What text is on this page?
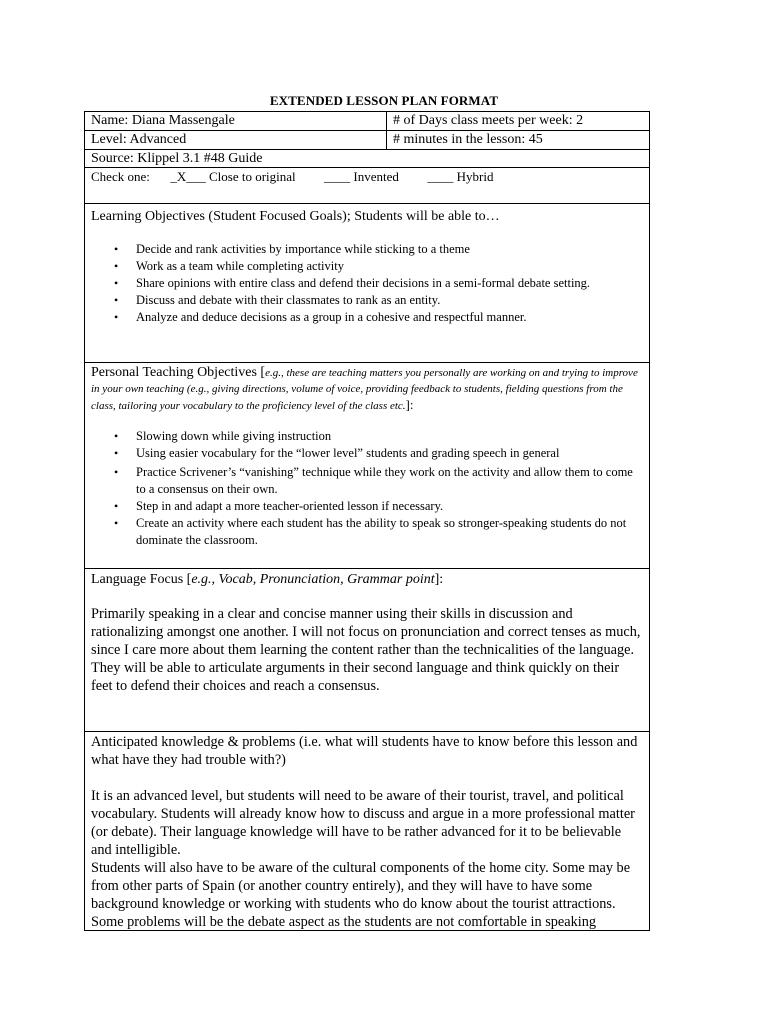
EXTENDED LESSON PLAN FORMAT
Name: Diana Massengale	# of Days class meets per week: 2
Level: Advanced	# minutes in the lesson: 45
Source: Klippel 3.1 #48 Guide
Check one: _X___ Close to original ____ Invented ____ Hybrid
Learning Objectives (Student Focused Goals); Students will be able to…
• Decide and rank activities by importance while sticking to a theme
• Work as a team while completing activity
• Share opinions with entire class and defend their decisions in a semi-formal debate setting.
• Discuss and debate with their classmates to rank as an entity.
• Analyze and deduce decisions as a group in a cohesive and respectful manner.
Personal Teaching Objectives [e.g., these are teaching matters you personally are working on and trying to improve in your own teaching (e.g., giving directions, volume of voice, providing feedback to students, fielding questions from the class, tailoring your vocabulary to the proficiency level of the class etc.]:
• Slowing down while giving instruction
• Using easier vocabulary for the “lower level” students and grading speech in general
• Practice Scrivener’s “vanishing” technique while they work on the activity and allow them to come to a consensus on their own.
• Step in and adapt a more teacher-oriented lesson if necessary.
• Create an activity where each student has the ability to speak so stronger-speaking students do not dominate the classroom.
Language Focus [e.g., Vocab, Pronunciation, Grammar point]:
Primarily speaking in a clear and concise manner using their skills in discussion and rationalizing amongst one another. I will not focus on pronunciation and correct tenses as much, since I care more about them learning the content rather than the technicalities of the language. They will be able to articulate arguments in their second language and think quickly on their feet to defend their choices and reach a consensus.
Anticipated knowledge & problems (i.e. what will students have to know before this lesson and what have they had trouble with?)
It is an advanced level, but students will need to be aware of their tourist, travel, and political vocabulary. Students will already know how to discuss and argue in a more professional matter (or debate). Their language knowledge will have to be rather advanced for it to be believable and intelligible.
Students will also have to be aware of the cultural components of the home city. Some may be from other parts of Spain (or another country entirely), and they will have to have some background knowledge or working with students who do know about the tourist attractions. Some problems will be the debate aspect as the students are not comfortable in speaking
